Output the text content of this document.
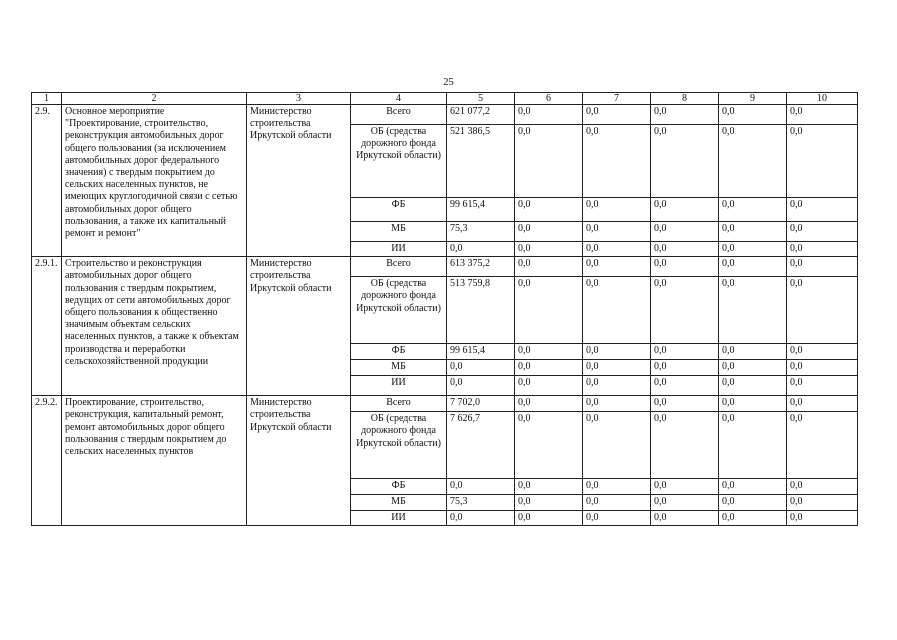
25
1	2	3	4	5	6	7	8	9	10
2.9.	Основное мероприятие "Проектирование, строительство, реконструкция автомобильных дорог общего пользования (за исключением автомобильных дорог федерального значения) с твердым покрытием до сельских населенных пунктов, не имеющих круглогодичной связи с сетью автомобильных дорог общего пользования, а также их капитальный ремонт и ремонт"	Министерство строительства Иркутской области	Всего	621 077,2	0,0	0,0	0,0	0,0	0,0
			ОБ (средства дорожного фонда Иркутской области)	521 386,5	0,0	0,0	0,0	0,0	0,0
			ФБ	99 615,4	0,0	0,0	0,0	0,0	0,0
			МБ	75,3	0,0	0,0	0,0	0,0	0,0
			ИИ	0,0	0,0	0,0	0,0	0,0	0,0
2.9.1.	Строительство и реконструкция автомобильных дорог общего пользования с твердым покрытием, ведущих от сети автомобильных дорог общего пользования к общественно значимым объектам сельских населенных пунктов, а также к объектам производства и переработки сельскохозяйственной продукции	Министерство строительства Иркутской области	Всего	613 375,2	0,0	0,0	0,0	0,0	0,0
			ОБ (средства дорожного фонда Иркутской области)	513 759,8	0,0	0,0	0,0	0,0	0,0
			ФБ	99 615,4	0,0	0,0	0,0	0,0	0,0
			МБ	0,0	0,0	0,0	0,0	0,0	0,0
			ИИ	0,0	0,0	0,0	0,0	0,0	0,0
2.9.2.	Проектирование, строительство, реконструкция, капитальный ремонт, ремонт автомобильных дорог общего пользования с твердым покрытием до сельских населенных пунктов	Министерство строительства Иркутской области	Всего	7 702,0	0,0	0,0	0,0	0,0	0,0
			ОБ (средства дорожного фонда Иркутской области)	7 626,7	0,0	0,0	0,0	0,0	0,0
			ФБ	0,0	0,0	0,0	0,0	0,0	0,0
			МБ	75,3	0,0	0,0	0,0	0,0	0,0
			ИИ	0,0	0,0	0,0	0,0	0,0	0,0
